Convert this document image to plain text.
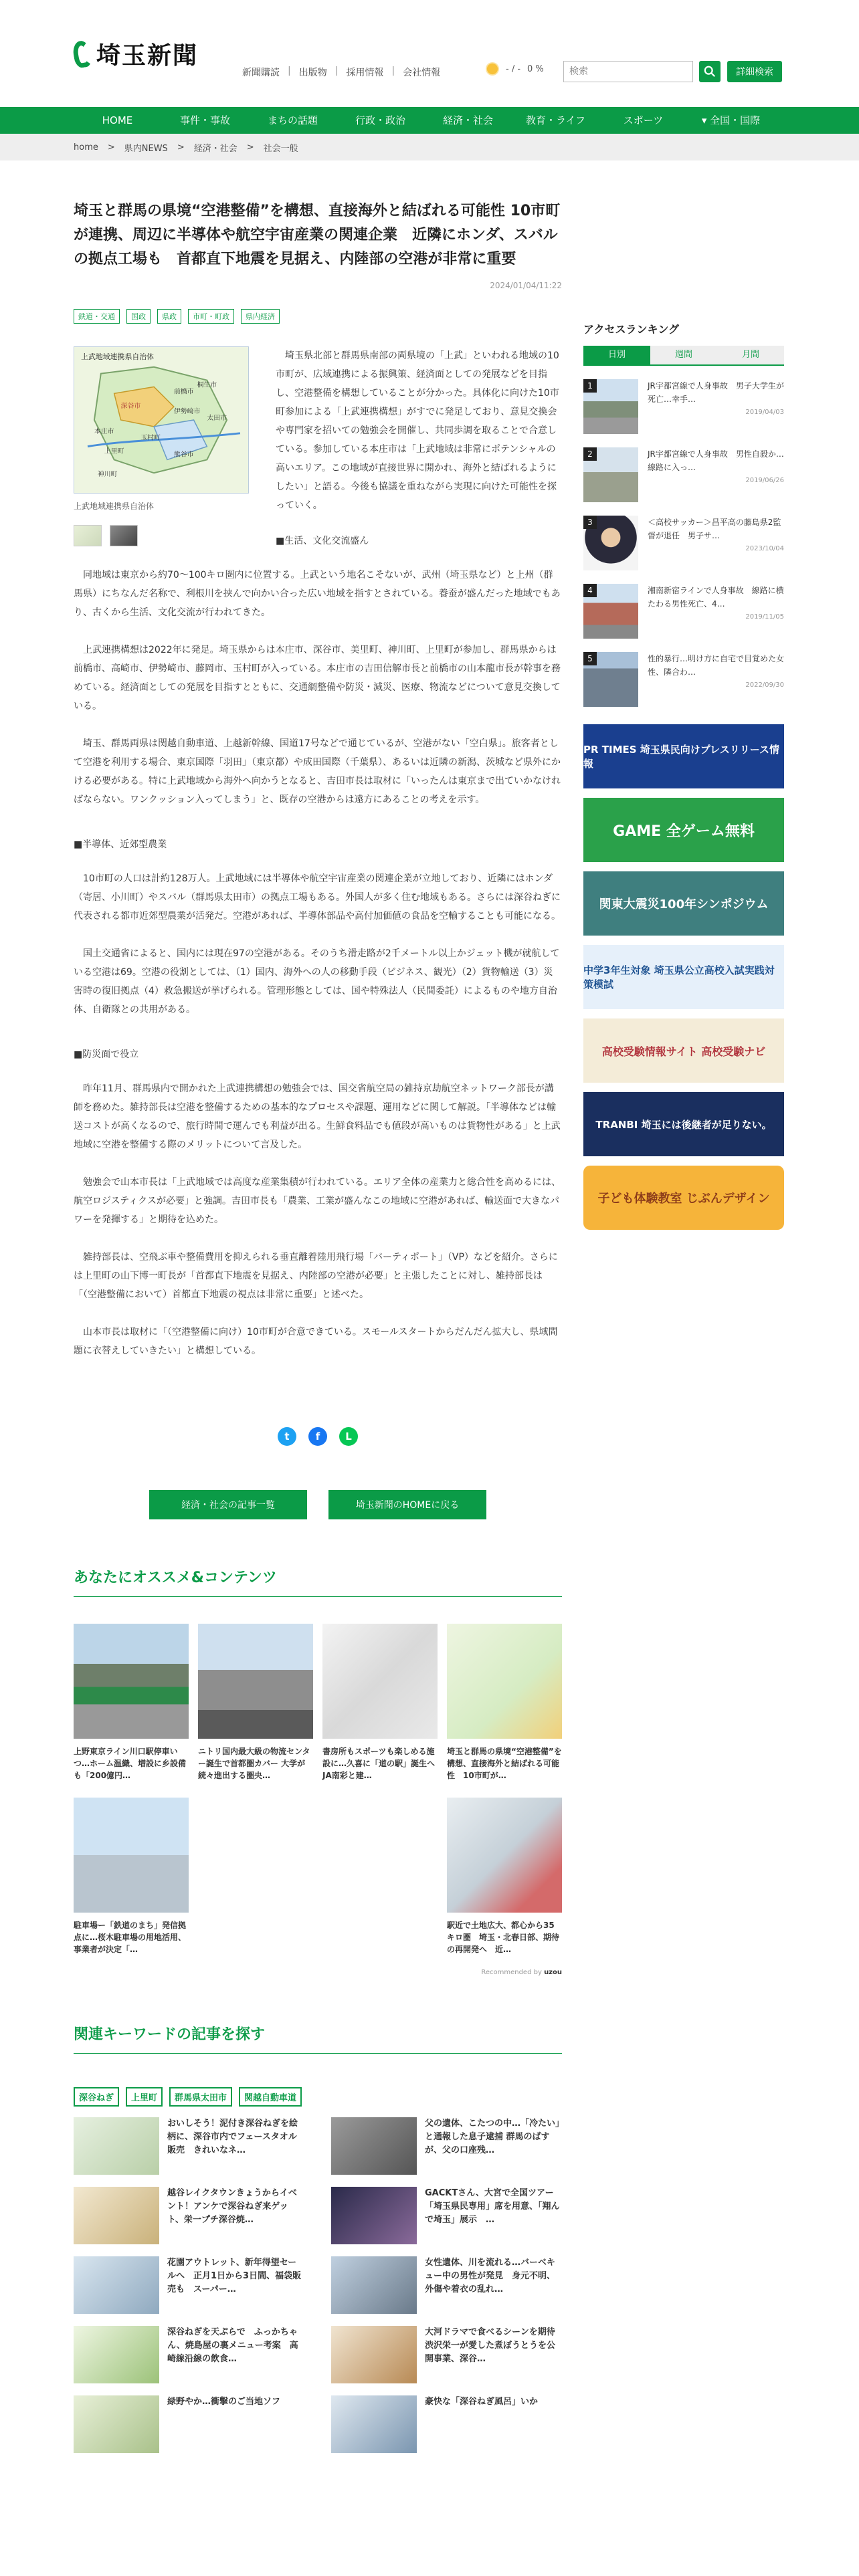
埼玉新聞
新聞購読 | 出版物 | 採用情報 | 会社情報	- / - 0 %
検索	詳細検索
HOME	事件・事故	まちの話題	行政・政治	経済・社会	教育・ライフ	スポーツ	▾ 全国・国際
home > 県内NEWS > 経済・社会 > 社会一般
埼玉と群馬の県境“空港整備”を構想、直接海外と結ばれる可能性 10市町が連携、周辺に半導体や航空宇宙産業の関連企業　近隣にホンダ、スバルの拠点工場も　首都直下地震を見据え、内陸部の空港が非常に重要
2024/01/04/11:22
鉄道・交通	国政	県政	市町・町政	県内経済
上武地域連携県自治体
深谷市
前橋市
伊勢崎市
太田市
桐生市
玉村町
上里町	熊谷市
本庄市
神川町
上武地域連携県自治体

埼玉県北部と群馬県南部の両県境の「上武」といわれる地域の10市町が、広域連携による振興策、経済面としての発展などを目指し、空港整備を構想していることが分かった。具体化に向けた10市町参加による「上武連携構想」がすでに発足しており、意見交換会や専門家を招いての勉強会を開催し、共同歩調を取ることで合意している。参加している本庄市は「上武地域は非常にポテンシャルの高いエリア。この地域が直接世界に開かれ、海外と結ばれるようにしたい」と語る。今後も協議を重ねながら実現に向けた可能性を探っていく。

■生活、文化交流盛ん

同地域は東京から約70～100キロ圏内に位置する。上武という地名こそないが、武州（埼玉県など）と上州（群馬県）にちなんだ名称で、利根川を挟んで向かい合った広い地域を指すとされている。養蚕が盛んだった地域でもあり、古くから生活、文化交流が行われてきた。

上武連携構想は2022年に発足。埼玉県からは本庄市、深谷市、美里町、神川町、上里町が参加し、群馬県からは前橋市、高崎市、伊勢崎市、藤岡市、玉村町が入っている。本庄市の吉田信解市長と前橋市の山本龍市長が幹事を務めている。経済面としての発展を目指すとともに、交通網整備や防災・減災、医療、物流などについて意見交換している。

埼玉、群馬両県は関越自動車道、上越新幹線、国道17号などで通じているが、空港がない「空白県」。旅客者として空港を利用する場合、東京国際「羽田」（東京都）や成田国際（千葉県）、あるいは近隣の新潟、茨城など県外にかける必要がある。特に上武地域から海外へ向かうとなると、吉田市長は取材に「いったんは東京まで出ていかなければならない。ワンクッション入ってしまう」と、既存の空港からは遠方にあることの考えを示す。

■半導体、近郊型農業

10市町の人口は計約128万人。上武地域には半導体や航空宇宙産業の関連企業が立地しており、近隣にはホンダ（寄居、小川町）やスバル（群馬県太田市）の拠点工場もある。外国人が多く住む地域もある。さらには深谷ねぎに代表される都市近郊型農業が活発だ。空港があれば、半導体部品や高付加価値の食品を空輸することも可能になる。

国土交通省によると、国内には現在97の空港がある。そのうち滑走路が2千メートル以上かジェット機が就航している空港は69。空港の役割としては、（1）国内、海外への人の移動手段（ビジネス、観光）（2）貨物輸送（3）災害時の復旧拠点（4）救急搬送が挙げられる。管理形態としては、国や特殊法人（民間委託）によるものや地方自治体、自衛隊との共用がある。

■防災面で役立

昨年11月、群馬県内で開かれた上武連携構想の勉強会では、国交省航空局の雑持京劫航空ネットワーク部長が講師を務めた。雑持部長は空港を整備するための基本的なプロセスや課題、運用などに関して解説。「半導体などは輸送コストが高くなるので、旅行時間で運んでも利益が出る。生鮮食料品でも値段が高いものは貨物性がある」と上武地域に空港を整備する際のメリットについて言及した。

勉強会で山本市長は「上武地域では高度な産業集積が行われている。エリア全体の産業力と総合性を高めるには、航空ロジスティクスが必要」と強調。吉田市長も「農業、工業が盛んなこの地域に空港があれば、輸送面で大きなパワーを発揮する」と期待を込めた。

雑持部長は、空飛ぶ車や整備費用を抑えられる垂直離着陸用飛行場「バーティポート」（VP）などを紹介。さらには上里町の山下博一町長が「首都直下地震を見据え、内陸部の空港が必要」と主張したことに対し、雑持部長は「（空港整備において）首都直下地震の視点は非常に重要」と述べた。

山本市長は取材に「（空港整備に向け）10市町が合意できている。スモールスタートからだんだん拡大し、県域間題に衣替えしていきたい」と構想している。

t	f	L
経済・社会の記事一覧	埼玉新聞のHOMEに戻る
あなたにオススメ&コンテンツ
上野東京ライン川口駅停車いつ…ホーム温織、増設に乡設備も「200億円…
ニトリ国内最大級の物流センター誕生で首都圏カバー 大学が続々進出する圏央…
書房所もスポーツも楽しめる施設に…久喜に「道の駅」誕生へ　JA南彩と建…
埼玉と群馬の県境“空港整備”を構想、直接海外と結ばれる可能性　10市町が…
駐車場ー「鉄道のまち」発信拠点に…桜木駐車場の用地活用、事業者が決定「…
駅近で土地広大、都心から35キロ圏　埼玉・北春日部、期待の再開発へ　近…
Recommended by uzou
関連キーワードの記事を探す
深谷ねぎ	上里町	群馬県太田市	関越自動車道
おいしそう！泥付き深谷ねぎを絵柄に、深谷市内でフェースタオル販売　きれいなネ…
父の遺体、こたつの中…「冷たい」と通報した息子逮捕 群馬のばすが、父の口座残…
越谷レイクタウンきょうからイベント！アンケで深谷ねぎ来ゲット、栄一プチ深谷焼…
GACKTさん、大宮で全国ツアー「埼玉県民専用」席を用意、「翔んで埼玉」展示　…
花園アウトレット、新年得望セールへ　正月1日から3日間、福袋販売も　スーパー…
女性遺体、川を流れる…バーベキュー中の男性が発見　身元不明、外傷や着衣の乱れ…
深谷ねぎを天ぷらで　ふっかちゃん、焼島屋の裏メニュー考案　高崎線沿線の飲食…
大河ドラマで食べるシーンを期待　渋沢栄一が愛した煮ぼうとうを公開事業、深谷…
緑野やか…衝撃のご当地ソフ	豪快な「深谷ねぎ風呂」いか
アクセスランキング
日別	週間	月間
1	JR宇都宮線で人身事故　男子大学生が死亡…幸手…
2019/04/03
2	JR宇都宮線で人身事故　男性自殺か…線路に入っ…
2019/06/26
3	＜高校サッカー＞昌平高の藤島県2監督が退任　男子サ…
2023/10/04
4	湘南新宿ラインで人身事故　線路に横たわる男性死亡、4…
2019/11/05
5	性的暴行…明け方に自宅で目覚めた女性、隣合わ…
2022/09/30
PR TIMES 埼玉県民向けプレスリリース情報
GAME 全ゲーム無料
関東大震災100年シンポジウム
中学3年生対象 埼玉県公立高校入試実践対策模試
高校受験情報サイト 高校受験ナビ
TRANBI 埼玉には後継者が足りない。
子ども体験教室 じぶんデザイン
